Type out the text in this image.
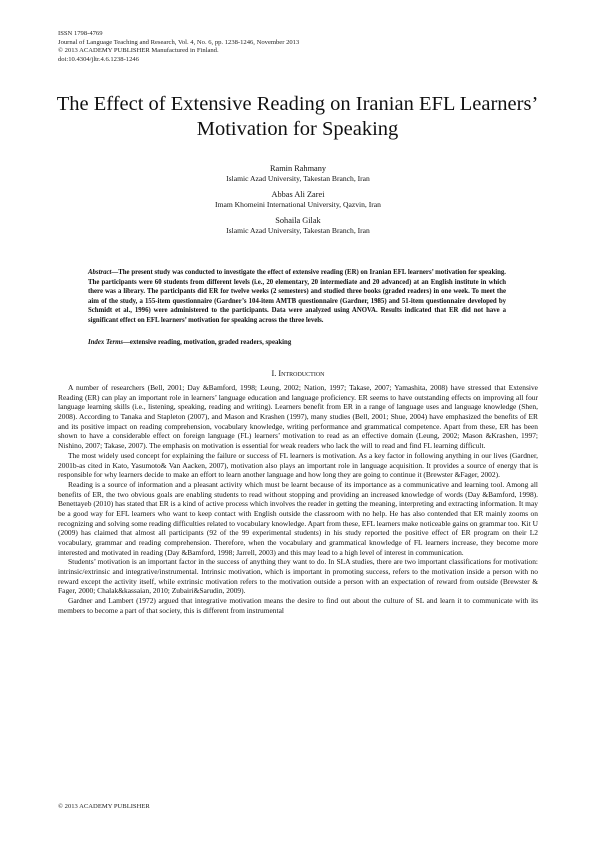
ISSN 1798-4769
Journal of Language Teaching and Research, Vol. 4, No. 6, pp. 1238-1246, November 2013
© 2013 ACADEMY PUBLISHER Manufactured in Finland.
doi:10.4304/jltr.4.6.1238-1246
The Effect of Extensive Reading on Iranian EFL Learners’ Motivation for Speaking
Ramin Rahmany
Islamic Azad University, Takestan Branch, Iran
Abbas Ali Zarei
Imam Khomeini International University, Qazvin, Iran
Sohaila Gilak
Islamic Azad University, Takestan Branch, Iran
Abstract—The present study was conducted to investigate the effect of extensive reading (ER) on Iranian EFL learners’ motivation for speaking. The participants were 60 students from different levels (i.e., 20 elementary, 20 intermediate and 20 advanced) at an English institute in which there was a library. The participants did ER for twelve weeks (2 semesters) and studied three books (graded readers) in one week. To meet the aim of the study, a 155-item questionnaire (Gardner’s 104-item AMTB questionnaire (Gardner, 1985) and 51-item questionnaire developed by Schmidt et al., 1996) were administered to the participants. Data were analyzed using ANOVA. Results indicated that ER did not have a significant effect on EFL learners’ motivation for speaking across the three levels.
Index Terms—extensive reading, motivation, graded readers, speaking
I. Introduction

A number of researchers (Bell, 2001; Day &Bamford, 1998; Leung, 2002; Nation, 1997; Takase, 2007; Yamashita, 2008) have stressed that Extensive Reading (ER) can play an important role in learners’ language education and language proficiency. ER seems to have outstanding effects on improving all four language learning skills (i.e., listening, speaking, reading and writing). Learners benefit from ER in a range of language uses and language knowledge (Shen, 2008). According to Tanaka and Stapleton (2007), and Mason and Krashen (1997), many studies (Bell, 2001; Shue, 2004) have emphasized the benefits of ER and its positive impact on reading comprehension, vocabulary knowledge, writing performance and grammatical competence. Apart from these, ER has been shown to have a considerable effect on foreign language (FL) learners’ motivation to read as an effective domain (Leung, 2002; Mason &Krashen, 1997; Nishino, 2007; Takase, 2007). The emphasis on motivation is essential for weak readers who lack the will to read and find FL learning difficult.

The most widely used concept for explaining the failure or success of FL learners is motivation. As a key factor in following anything in our lives (Gardner, 2001b-as cited in Kato, Yasumoto& Van Aacken, 2007), motivation also plays an important role in language acquisition. It provides a source of energy that is responsible for why learners decide to make an effort to learn another language and how long they are going to continue it (Brewster &Fager, 2002).

Reading is a source of information and a pleasant activity which must be learnt because of its importance as a communicative and learning tool. Among all benefits of ER, the two obvious goals are enabling students to read without stopping and providing an increased knowledge of words (Day &Bamford, 1998). Benettayeb (2010) has stated that ER is a kind of active process which involves the reader in getting the meaning, interpreting and extracting information. It may be a good way for EFL learners who want to keep contact with English outside the classroom with no help. He has also contended that ER mainly zooms on recognizing and solving some reading difficulties related to vocabulary knowledge. Apart from these, EFL learners make noticeable gains on grammar too. Kit U (2009) has claimed that almost all participants (92 of the 99 experimental students) in his study reported the positive effect of ER program on their L2 vocabulary, grammar and reading comprehension. Therefore, when the vocabulary and grammatical knowledge of FL learners increase, they become more interested and motivated in reading (Day &Bamford, 1998; Jarrell, 2003) and this may lead to a high level of interest in communication.

Students’ motivation is an important factor in the success of anything they want to do. In SLA studies, there are two important classifications for motivation: intrinsic/extrinsic and integrative/instrumental. Intrinsic motivation, which is important in promoting success, refers to the motivation inside a person with no reward except the activity itself, while extrinsic motivation refers to the motivation outside a person with an expectation of reward from outside (Brewster & Fager, 2000; Chalak&kassaian, 2010; Zubairi&Sarudin, 2009).

Gardner and Lambert (1972) argued that integrative motivation means the desire to find out about the culture of SL and learn it to communicate with its members to become a part of that society, this is different from instrumental

© 2013 ACADEMY PUBLISHER
